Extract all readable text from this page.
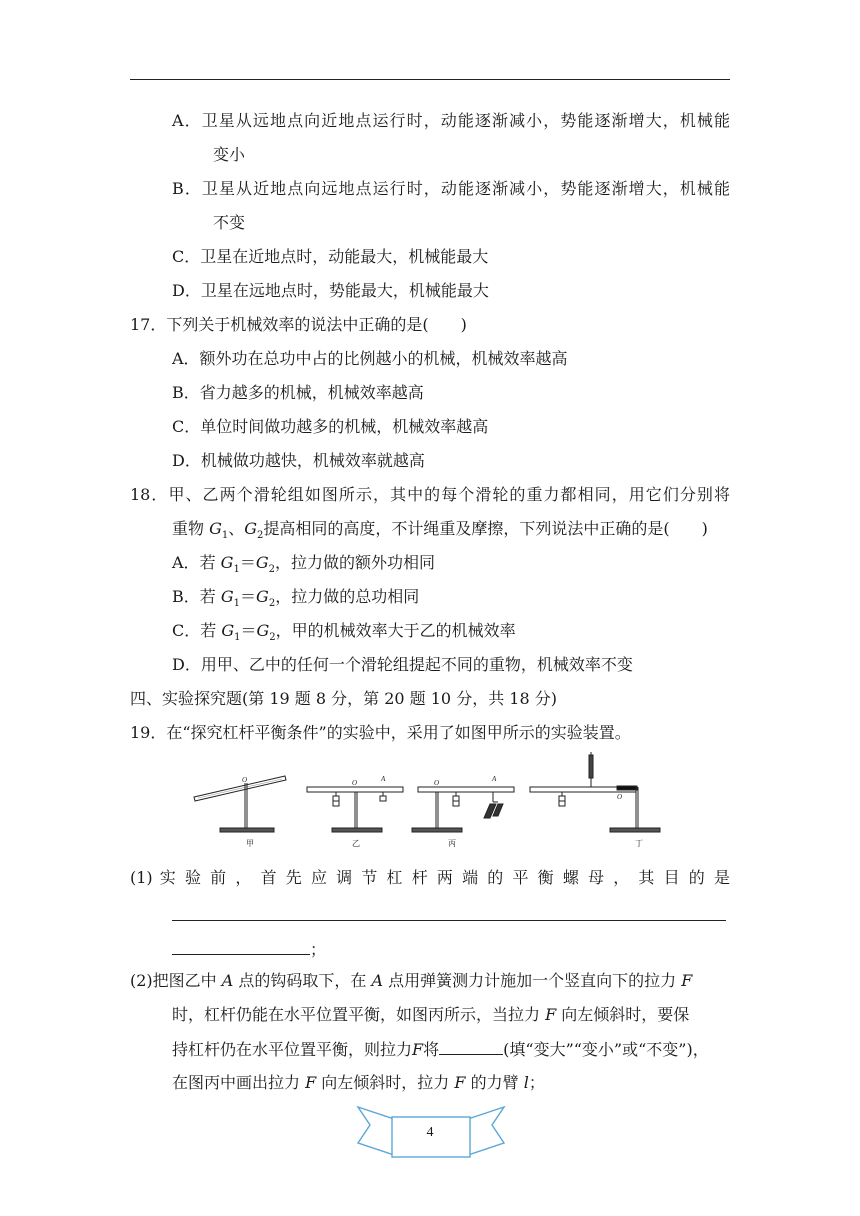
A．卫星从远地点向近地点运行时，动能逐渐减小，势能逐渐增大，机械能
变小
B．卫星从近地点向远地点运行时，动能逐渐减小，势能逐渐增大，机械能
不变
C．卫星在近地点时，动能最大，机械能最大
D．卫星在远地点时，势能最大，机械能最大
17．下列关于机械效率的说法中正确的是(　　)
A．额外功在总功中占的比例越小的机械，机械效率越高
B．省力越多的机械，机械效率越高
C．单位时间做功越多的机械，机械效率越高
D．机械做功越快，机械效率就越高
18．甲、乙两个滑轮组如图所示，其中的每个滑轮的重力都相同，用它们分别将
重物 $G_1$、$G_2$提高相同的高度，不计绳重及摩擦，下列说法中正确的是(　　)
A．若 $G_1=G_2$，拉力做的额外功相同
B．若 $G_1=G_2$，拉力做的总功相同
C．若 $G_1=G_2$，甲的机械效率大于乙的机械效率
D．用甲、乙中的任何一个滑轮组提起不同的重物，机械效率不变
四、实验探究题(第 19 题 8 分，第 20 题 10 分，共 18 分)
19．在“探究杠杆平衡条件”的实验中，采用了如图甲所示的实验装置。
O
甲
O	A
乙
O	A
丙
O
丁
(1) 实 验 前 ， 首 先 应 调 节 杠 杆 两 端 的 平 衡 螺 母 ， 其 目 的 是
；
(2)把图乙中 A 点的钩码取下，在 A 点用弹簧测力计施加一个竖直向下的拉力 F
时，杠杆仍能在水平位置平衡，如图丙所示，当拉力 F 向左倾斜时，要保
持杠杆仍在水平位置平衡，则拉力F将	(填“变大”“变小”或“不变”)，
在图丙中画出拉力 F 向左倾斜时，拉力 F 的力臂 l；
4
